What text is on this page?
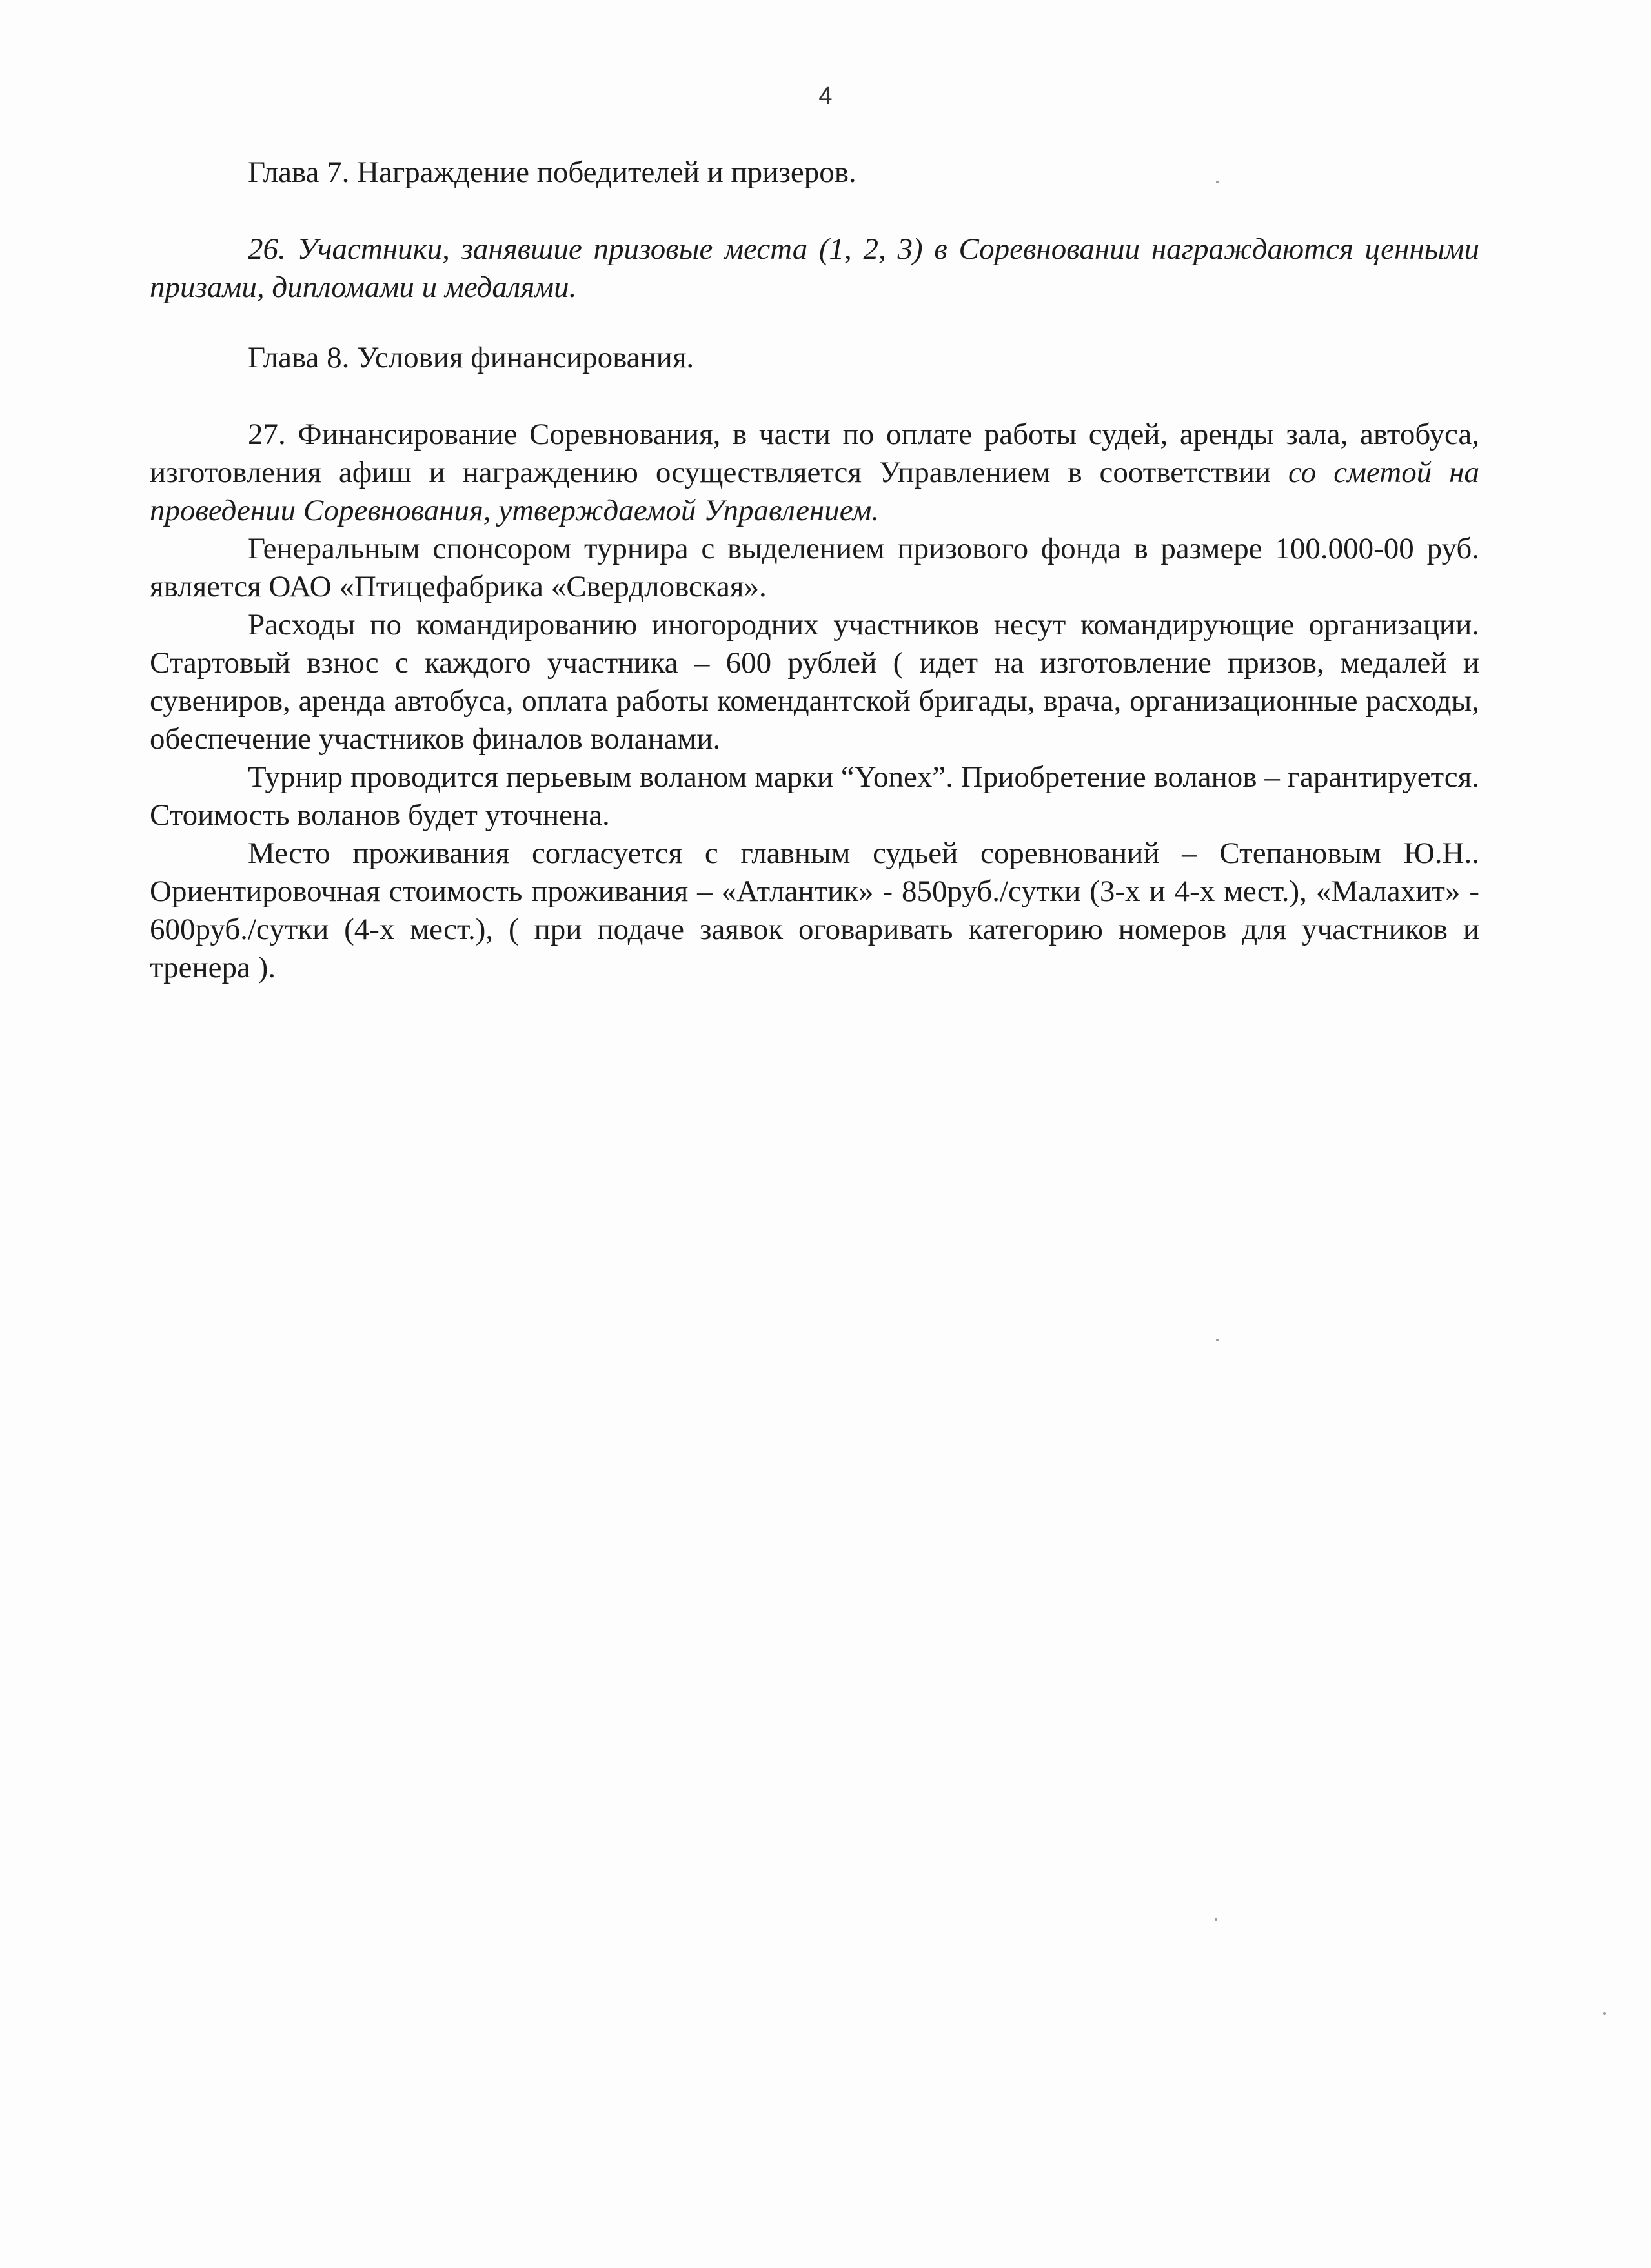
4
Глава 7. Награждение победителей и призеров.

26. Участники, занявшие призовые места (1, 2, 3) в Соревновании награждаются ценными призами, дипломами и медалями.

Глава 8. Условия финансирования.

27. Финансирование Соревнования, в части по оплате работы судей, аренды зала, автобуса, изготовления афиш и награждению осуществляется Управлением в соответствии со сметой на проведении Соревнования, утверждаемой Управлением.

Генеральным спонсором турнира с выделением призового фонда в размере 100.000-00 руб. является ОАО «Птицефабрика «Свердловская».

Расходы по командированию иногородних участников несут командирующие организации. Стартовый взнос с каждого участника – 600 рублей ( идет на изготовление призов, медалей и сувениров, аренда автобуса, оплата работы комендантской бригады, врача, организационные расходы, обеспечение участников финалов воланами.

Турнир проводится перьевым воланом марки “Yonex”. Приобретение воланов – гарантируется. Стоимость воланов будет уточнена.

Место проживания согласуется с главным судьей соревнований – Степановым Ю.Н.. Ориентировочная стоимость проживания – «Атлантик» - 850руб./сутки (3-х и 4-х мест.), «Малахит» - 600руб./сутки (4-х мест.), ( при подаче заявок оговаривать категорию номеров для участников и тренера ).
